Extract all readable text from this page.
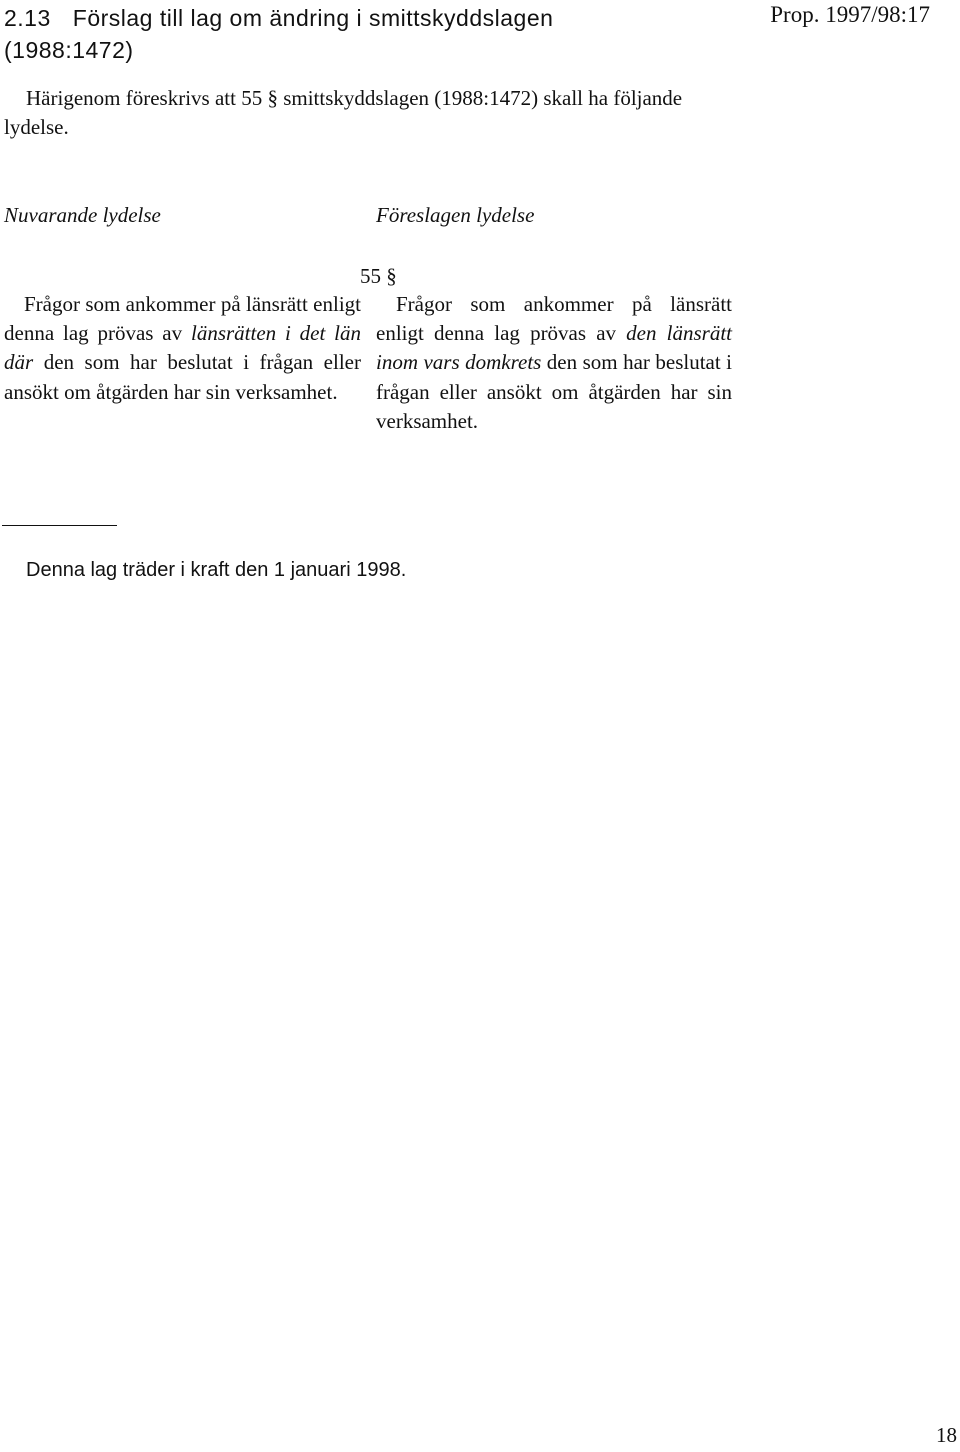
2.13 Förslag till lag om ändring i smittskyddslagen
(1988:1472)
Prop. 1997/98:17
Härigenom föreskrivs att 55 § smittskyddslagen (1988:1472) skall ha följande lydelse.
Nuvarande lydelse	Föreslagen lydelse
55 §
Frågor som ankommer på länsrätt enligt denna lag prövas av länsrätten i det län där den som har beslutat i frågan eller ansökt om åtgärden har sin verksamhet.
Frågor som ankommer på länsrätt enligt denna lag prövas av den länsrätt inom vars domkrets den som har beslutat i frågan eller ansökt om åtgärden har sin verksamhet.
Denna lag träder i kraft den 1 januari 1998.
18
